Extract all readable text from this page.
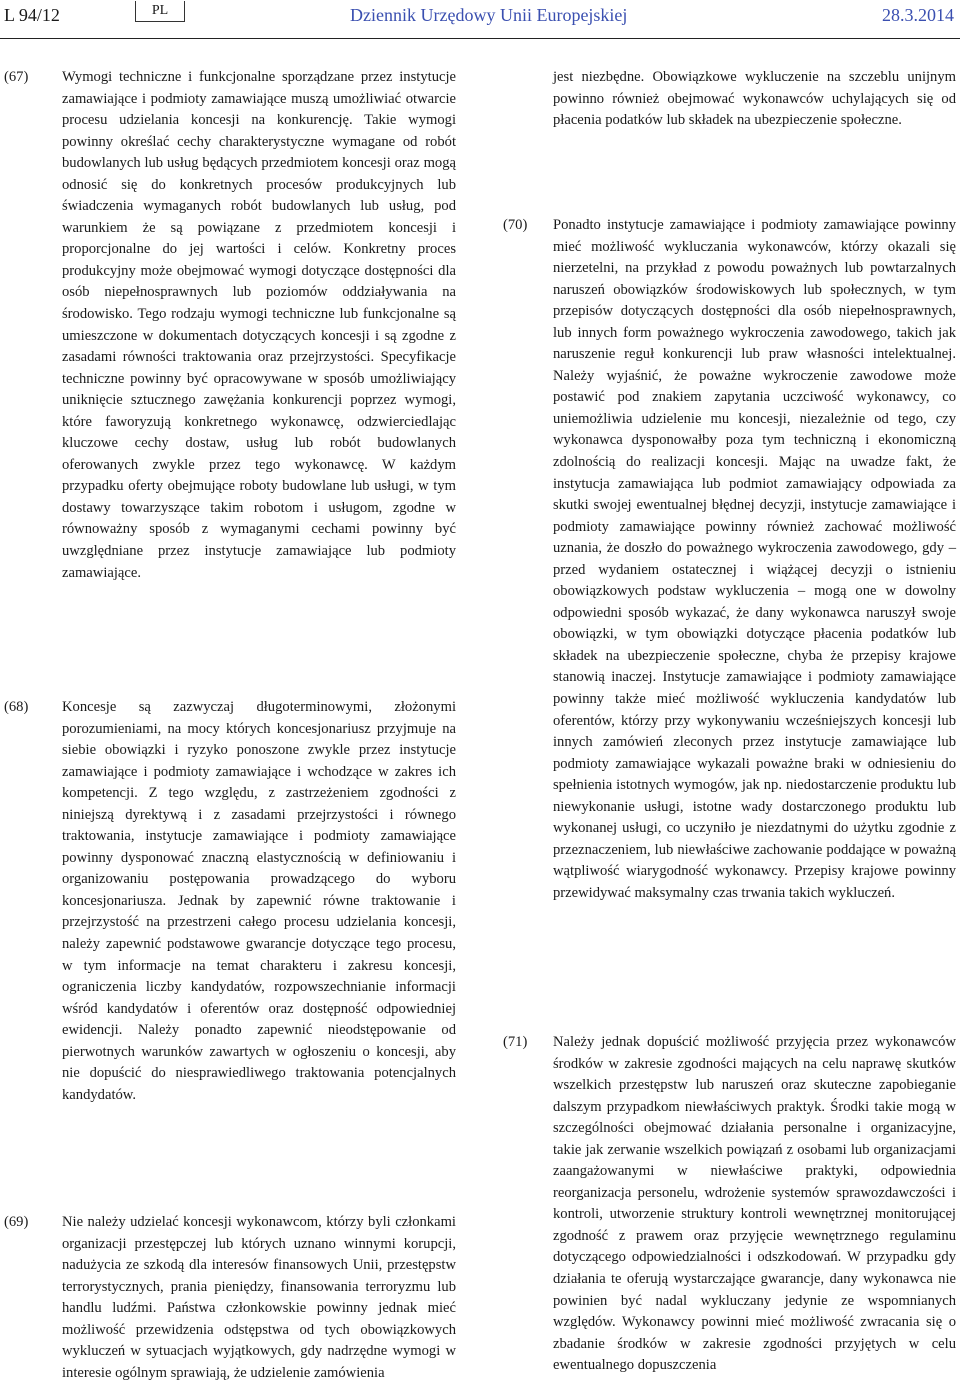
L 94/12	PL	Dziennik Urzędowy Unii Europejskiej	28.3.2014
(67) Wymogi techniczne i funkcjonalne sporządzane przez instytucje zamawiające i podmioty zamawiające muszą umożliwiać otwarcie procesu udzielania koncesji na konkurencję. Takie wymogi powinny określać cechy charakterystyczne wymagane od robót budowlanych lub usług będących przedmiotem koncesji oraz mogą odnosić się do konkretnych procesów produkcyjnych lub świadczenia wymaganych robót budowlanych lub usług, pod warunkiem że są powiązane z przedmiotem koncesji i proporcjonalne do jej wartości i celów. Konkretny proces produkcyjny może obejmować wymogi dotyczące dostępności dla osób niepełnosprawnych lub poziomów oddziaływania na środowisko. Tego rodzaju wymogi techniczne lub funkcjonalne są umieszczone w dokumentach dotyczących koncesji i są zgodne z zasadami równości traktowania oraz przejrzystości. Specyfikacje techniczne powinny być opracowywane w sposób umożliwiający uniknięcie sztucznego zawężania konkurencji poprzez wymogi, które faworyzują konkretnego wykonawcę, odzwierciedlając kluczowe cechy dostaw, usług lub robót budowlanych oferowanych zwykle przez tego wykonawcę. W każdym przypadku oferty obejmujące roboty budowlane lub usługi, w tym dostawy towarzyszące takim robotom i usługom, zgodne w równoważny sposób z wymaganymi cechami powinny być uwzględniane przez instytucje zamawiające lub podmioty zamawiające.
(68) Koncesje są zazwyczaj długoterminowymi, złożonymi porozumieniami, na mocy których koncesjonariusz przyjmuje na siebie obowiązki i ryzyko ponoszone zwykle przez instytucje zamawiające i podmioty zamawiające i wchodzące w zakres ich kompetencji. Z tego względu, z zastrzeżeniem zgodności z niniejszą dyrektywą i z zasadami przejrzystości i równego traktowania, instytucje zamawiające i podmioty zamawiające powinny dysponować znaczną elastycznością w definiowaniu i organizowaniu postępowania prowadzącego do wyboru koncesjonariusza. Jednak by zapewnić równe traktowanie i przejrzystość na przestrzeni całego procesu udzielania koncesji, należy zapewnić podstawowe gwarancje dotyczące tego procesu, w tym informacje na temat charakteru i zakresu koncesji, ograniczenia liczby kandydatów, rozpowszechnianie informacji wśród kandydatów i oferentów oraz dostępność odpowiedniej ewidencji. Należy ponadto zapewnić nieodstępowanie od pierwotnych warunków zawartych w ogłoszeniu o koncesji, aby nie dopuścić do niesprawiedliwego traktowania potencjalnych kandydatów.
(69) Nie należy udzielać koncesji wykonawcom, którzy byli członkami organizacji przestępczej lub których uznano winnymi korupcji, nadużycia ze szkodą dla interesów finansowych Unii, przestępstw terrorystycznych, prania pieniędzy, finansowania terroryzmu lub handlu ludźmi. Państwa członkowskie powinny jednak mieć możliwość przewidzenia odstępstwa od tych obowiązkowych wykluczeń w sytuacjach wyjątkowych, gdy nadrzędne wymogi w interesie ogólnym sprawiają, że udzielenie zamówienia
jest niezbędne. Obowiązkowe wykluczenie na szczeblu unijnym powinno również obejmować wykonawców uchylających się od płacenia podatków lub składek na ubezpieczenie społeczne.
(70) Ponadto instytucje zamawiające i podmioty zamawiające powinny mieć możliwość wykluczania wykonawców, którzy okazali się nierzetelni, na przykład z powodu poważnych lub powtarzalnych naruszeń obowiązków środowiskowych lub społecznych, w tym przepisów dotyczących dostępności dla osób niepełnosprawnych, lub innych form poważnego wykroczenia zawodowego, takich jak naruszenie reguł konkurencji lub praw własności intelektualnej. Należy wyjaśnić, że poważne wykroczenie zawodowe może postawić pod znakiem zapytania uczciwość wykonawcy, co uniemożliwia udzielenie mu koncesji, niezależnie od tego, czy wykonawca dysponowałby poza tym techniczną i ekonomiczną zdolnością do realizacji koncesji. Mając na uwadze fakt, że instytucja zamawiająca lub podmiot zamawiający odpowiada za skutki swojej ewentualnej błędnej decyzji, instytucje zamawiające i podmioty zamawiające powinny również zachować możliwość uznania, że doszło do poważnego wykroczenia zawodowego, gdy – przed wydaniem ostatecznej i wiążącej decyzji o istnieniu obowiązkowych podstaw wykluczenia – mogą one w dowolny odpowiedni sposób wykazać, że dany wykonawca naruszył swoje obowiązki, w tym obowiązki dotyczące płacenia podatków lub składek na ubezpieczenie społeczne, chyba że przepisy krajowe stanowią inaczej. Instytucje zamawiające i podmioty zamawiające powinny także mieć możliwość wykluczenia kandydatów lub oferentów, którzy przy wykonywaniu wcześniejszych koncesji lub innych zamówień zleconych przez instytucje zamawiające lub podmioty zamawiające wykazali poważne braki w odniesieniu do spełnienia istotnych wymogów, jak np. niedostarczenie produktu lub niewykonanie usługi, istotne wady dostarczonego produktu lub wykonanej usługi, co uczyniło je niezdatnymi do użytku zgodnie z przeznaczeniem, lub niewłaściwe zachowanie poddające w poważną wątpliwość wiarygodność wykonawcy. Przepisy krajowe powinny przewidywać maksymalny czas trwania takich wykluczeń.
(71) Należy jednak dopuścić możliwość przyjęcia przez wykonawców środków w zakresie zgodności mających na celu naprawę skutków wszelkich przestępstw lub naruszeń oraz skuteczne zapobieganie dalszym przypadkom niewłaściwych praktyk. Środki takie mogą w szczególności obejmować działania personalne i organizacyjne, takie jak zerwanie wszelkich powiązań z osobami lub organizacjami zaangażowanymi w niewłaściwe praktyki, odpowiednia reorganizacja personelu, wdrożenie systemów sprawozdawczości i kontroli, utworzenie struktury kontroli wewnętrznej monitorującej zgodność z prawem oraz przyjęcie wewnętrznego regulaminu dotyczącego odpowiedzialności i odszkodowań. W przypadku gdy działania te oferują wystarczające gwarancje, dany wykonawca nie powinien być nadal wykluczany jedynie ze wspomnianych względów. Wykonawcy powinni mieć możliwość zwracania się o zbadanie środków w zakresie zgodności przyjętych w celu ewentualnego dopuszczenia
